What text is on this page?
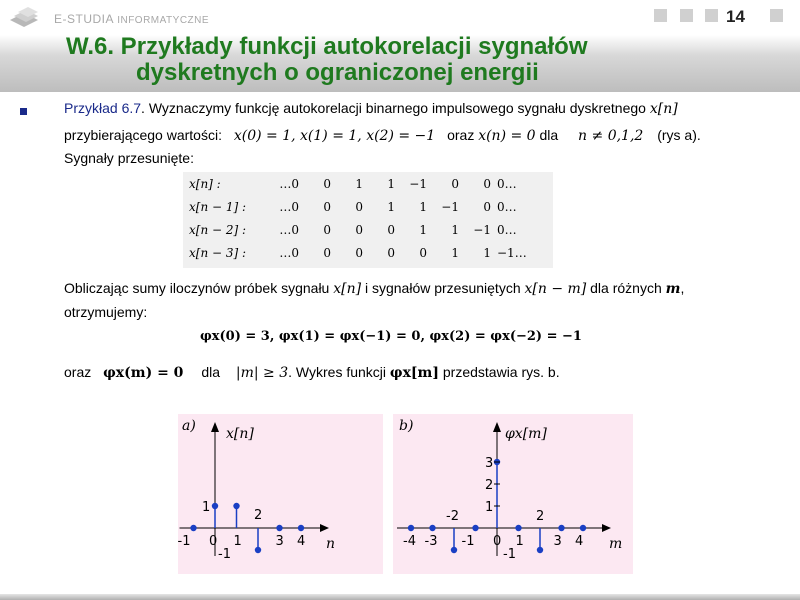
E-STUDIA INFORMATYCZNE	14
W.6. Przykłady funkcji autokorelacji sygnałów
dyskretnych o ograniczonej energii
Przykład 6.7. Wyznaczymy funkcję autokorelacji binarnego impulsowego sygnału dyskretnego x[n]
przybierającego wartości: x(0) = 1, x(1) = 1, x(2) = −1 oraz x(n) = 0 dla n ≠ 0,1,2 (rys a).
Sygnały przesunięte:
x[n] :	…0	0	1	1	−1	0	0	0…
x[n − 1] :	…0	0	0	1	1	−1	0	0…
x[n − 2] :	…0	0	0	0	1	1	−1	0…
x[n − 3] :	…0	0	0	0	0	1	1	−1…
Obliczając sumy iloczynów próbek sygnału x[n] i sygnałów przesuniętych x[n − m] dla różnych m,
otrzymujemy:
φx(0) = 3, φx(1) = φx(−1) = 0, φx(2) = φx(−2) = −1
oraz φx(m) = 0 dla |m| ≥ 3. Wykres funkcji φx[m] przedstawia rys. b.
a) x[n]
n
-1 0 1
2
3 4
1
-1
b)	φx[m]
m
-4 -3
-2
-1 0 1
2
3 4
3
2
1
-1
